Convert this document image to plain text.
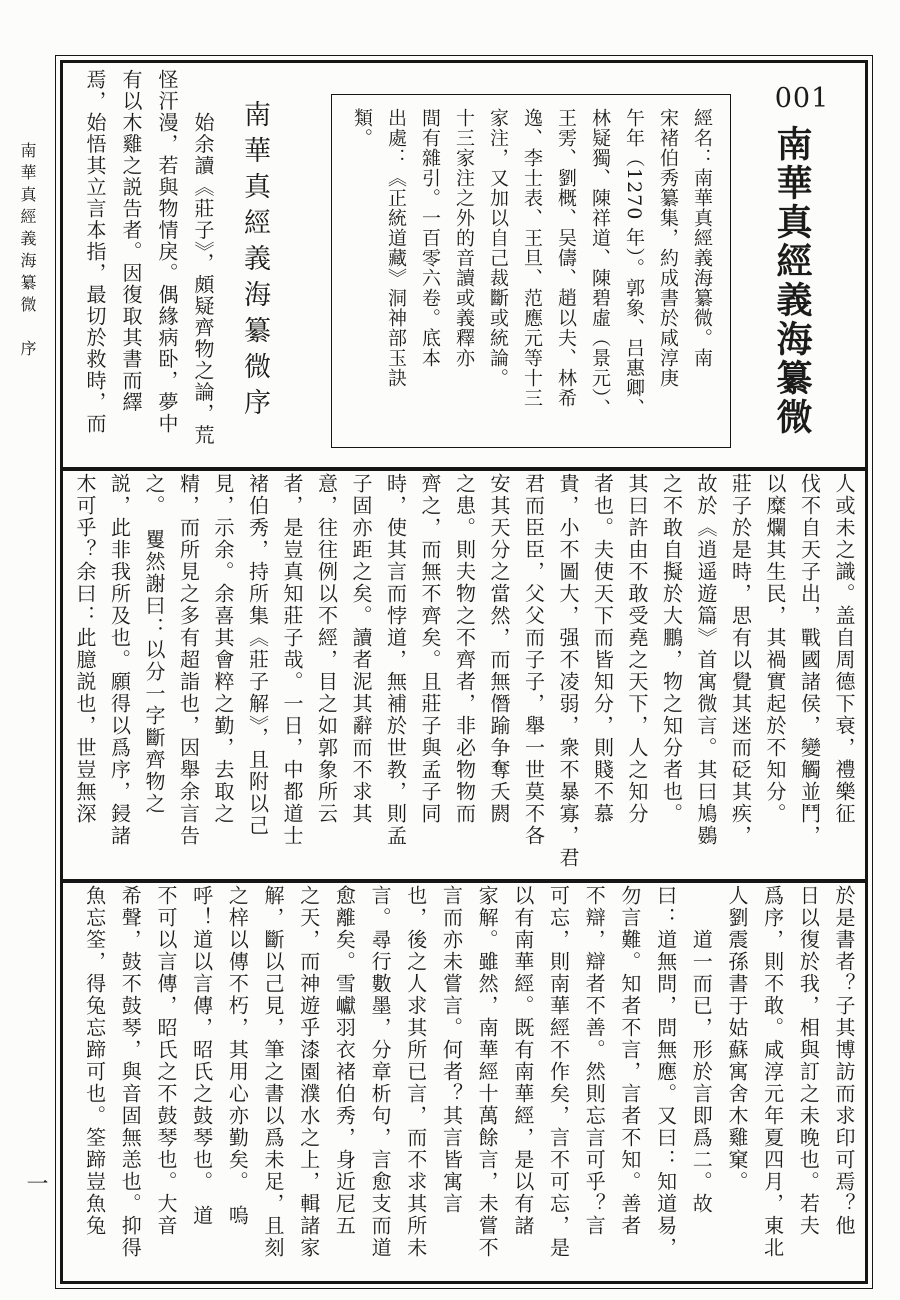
南華真經義海纂微　序
一
001
南華真經義海纂微
經名：南華真經義海纂微。南
宋褚伯秀纂集，約成書於咸淳庚
午年（1270 年）。郭象、吕惠卿、
林疑獨、陳祥道、陳碧虛（景元）、
王雱、劉概、吴儔、趙以夫、林希
逸、李士表、王旦、范應元等十三
家注，又加以自己裁斷或統論。
十三家注之外的音讀或義釋亦
間有雜引。一百零六卷。底本
出處：《正統道藏》洞神部玉訣
類。
南華真經義海纂微序
　　始余讀《莊子》，頗疑齊物之論，荒
怪汗漫，若與物情戾。偶緣病卧，夢中
有以木雞之説告者。因復取其書而繹
焉，始悟其立言本指，最切於救時，而
人或未之識。盖自周德下衰，禮樂征
伐不自天子出，戰國諸侯，變觸並鬥，
以糜爛其生民，其禍實起於不知分。
莊子於是時，思有以覺其迷而砭其疾，
故於《逍遥遊篇》首寓微言。其曰鳩鷃
之不敢自擬於大鵬，物之知分者也。
其曰許由不敢受堯之天下，人之知分
者也。夫使天下而皆知分，則賤不慕
貴，小不圖大，强不凌弱，衆不暴寡，君
君而臣臣，父父而子子，舉一世莫不各
安其天分之當然，而無僭踰争奪夭閼
之患。則夫物之不齊者，非必物物而
齊之，而無不齊矣。且莊子與孟子同
時，使其言而悖道，無補於世教，則孟
子固亦距之矣。讀者泥其辭而不求其
意，往往例以不經，目之如郭象所云
者，是豈真知莊子哉。一日，中都道士
褚伯秀，持所集《莊子解》，且附以己
見，示余。余喜其會粹之勤，去取之
精，而所見之多有超詣也，因舉余言告
之。　矍然謝曰：以分一字斷齊物之
説，此非我所及也。願得以爲序，鋟諸
木可乎？余曰：此臆説也，世豈無深
於是書者？子其博訪而求印可焉？他
日以復於我，相與訂之未晚也。若夫
爲序，則不敢。咸淳元年夏四月，東北
人劉震孫書于姑蘇寓舍木雞窠。
　　道一而已，形於言即爲二。故
曰：道無問，問無應。又曰：知道易，
勿言難。知者不言，言者不知。善者
不辯，辯者不善。然則忘言可乎？言
可忘，則南華經不作矣，言不可忘，是
以有南華經。既有南華經，是以有諸
家解。雖然，南華經十萬餘言，未嘗不
言而亦未嘗言。何者？其言皆寓言
也，後之人求其所已言，而不求其所未
言。尋行數墨，分章析句，言愈支而道
愈離矣。雪巘羽衣褚伯秀，身近尼五
之天，而神遊乎漆園濮水之上，輯諸家
解，斷以己見，筆之書以爲未足，且刻
之梓以傳不朽，其用心亦勤矣。　嗚
呼！道以言傳，昭氏之鼓琴也。　道
不可以言傳，昭氏之不鼓琴也。大音
希聲，鼓不鼓琴，與音固無恙也。抑得
魚忘筌，得兔忘蹄可也。筌蹄豈魚兔
